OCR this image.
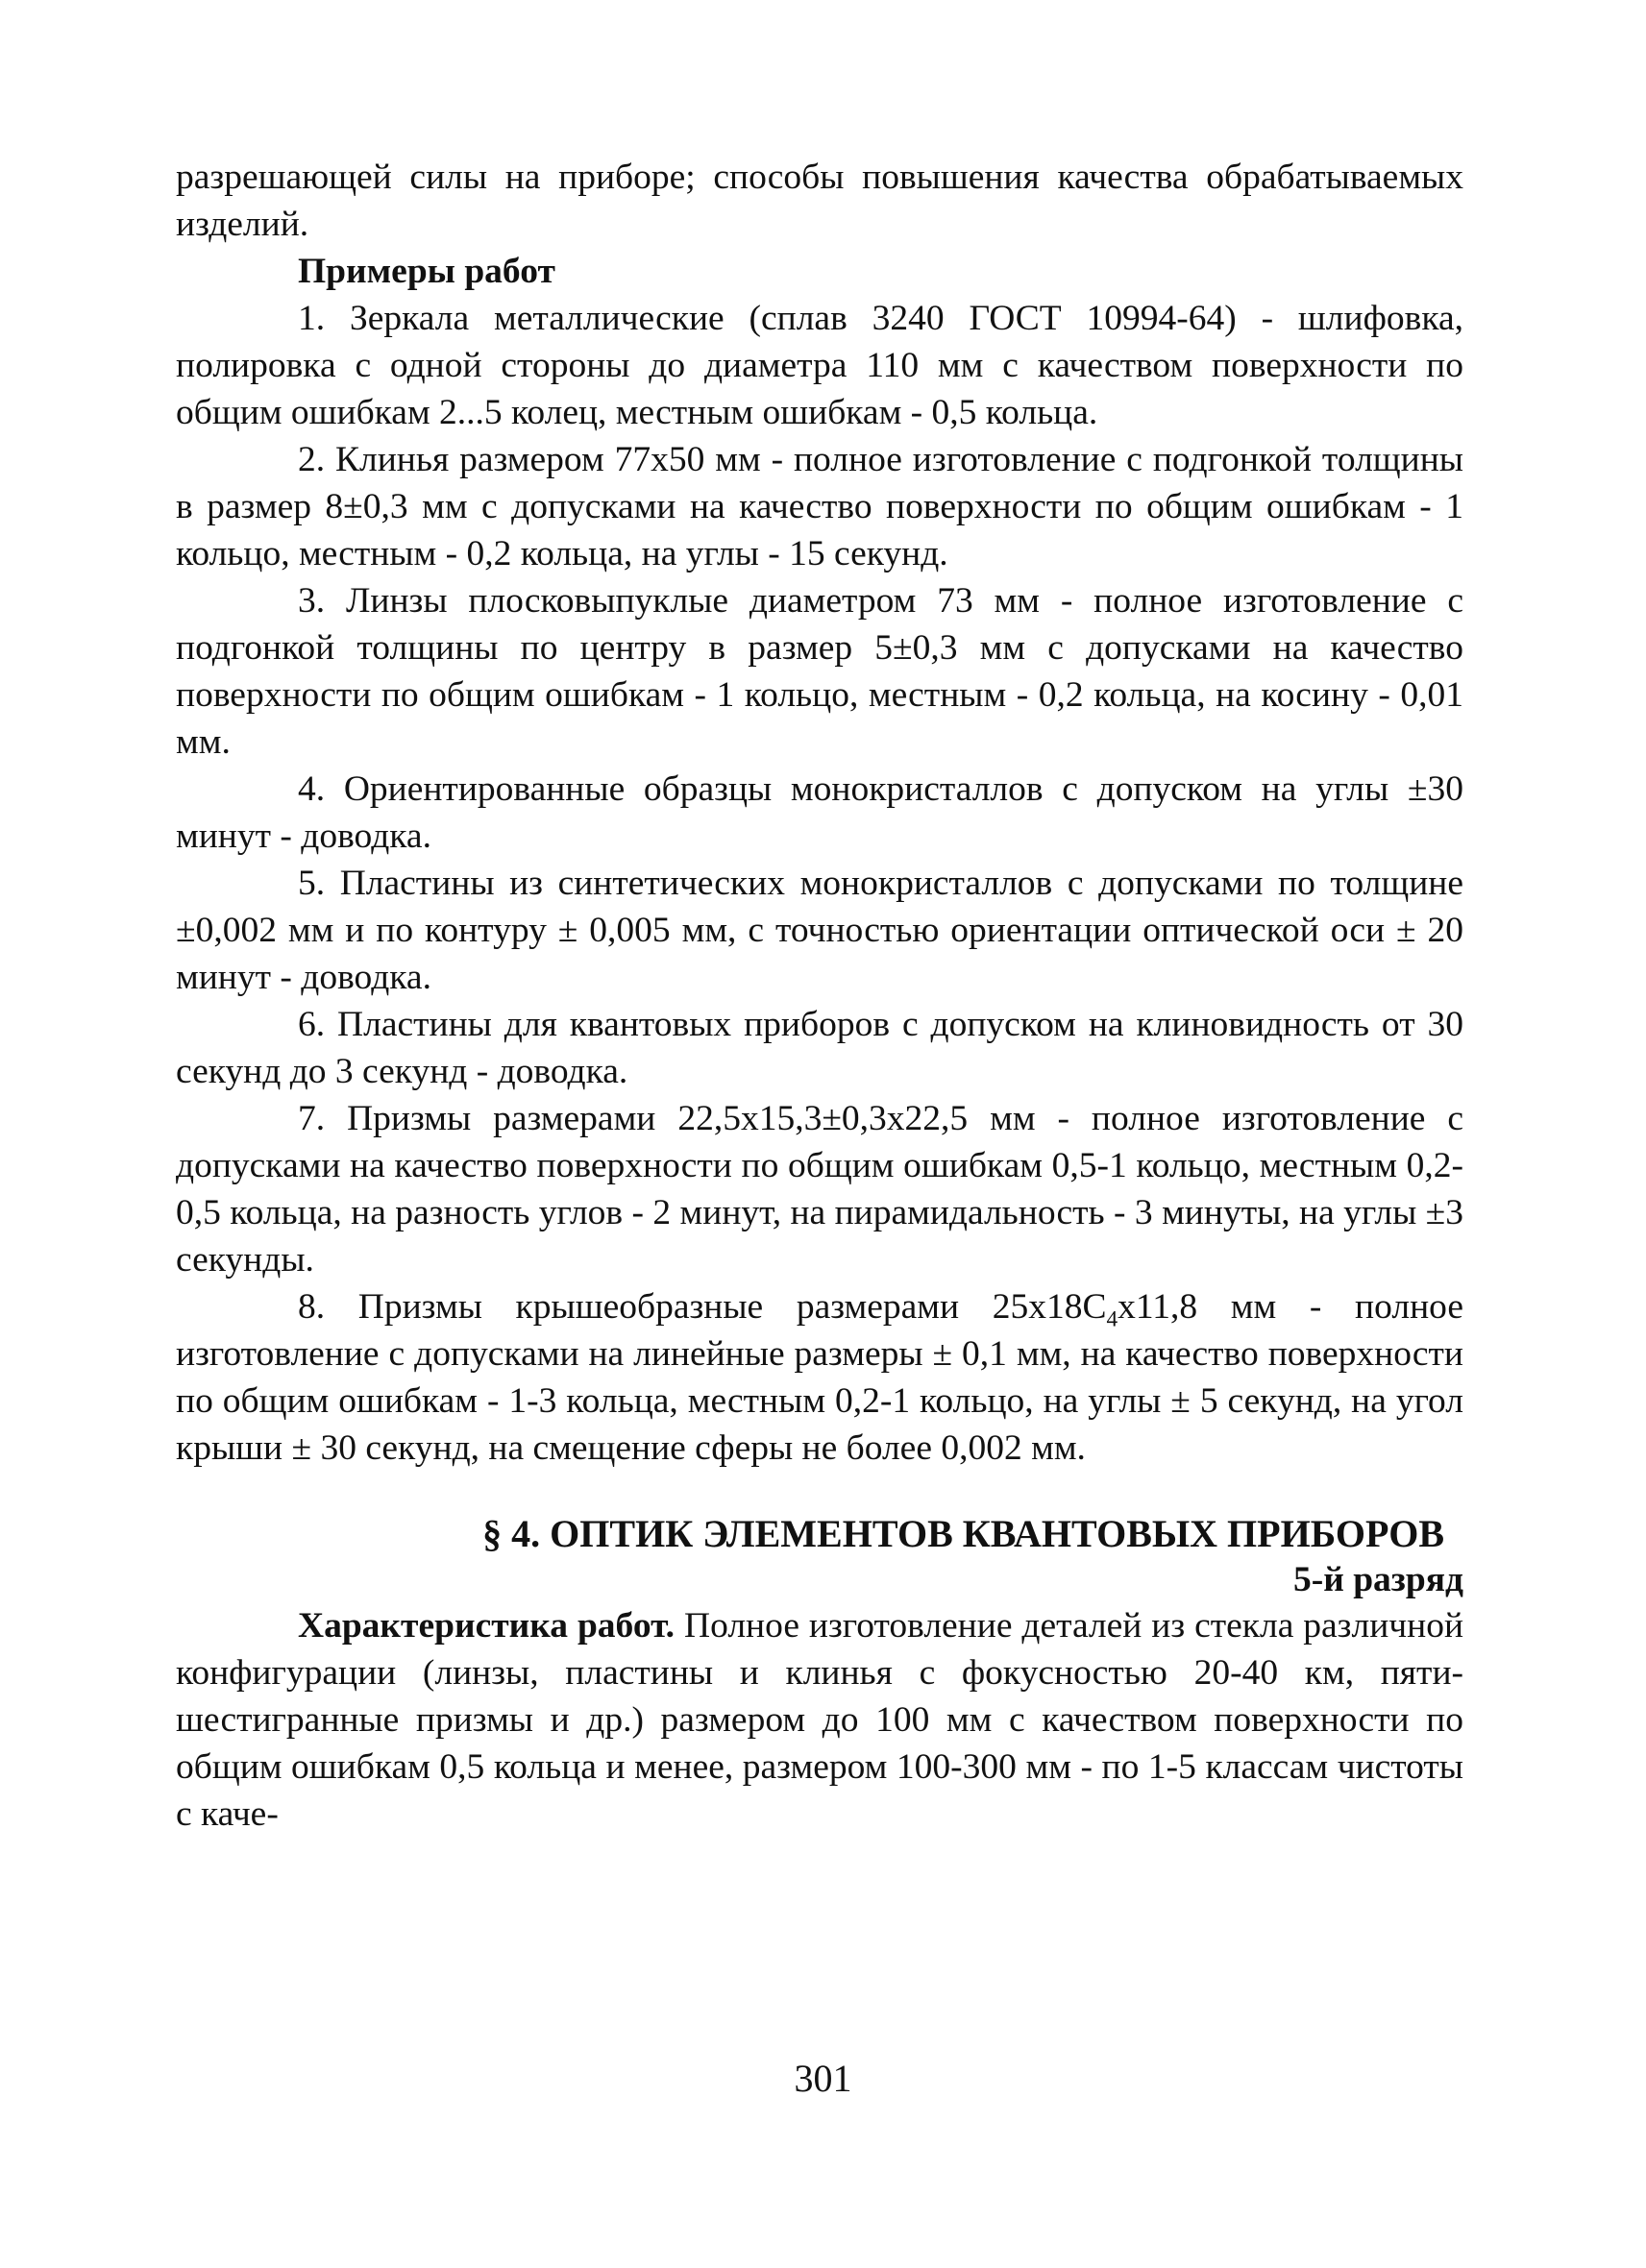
разрешающей силы на приборе; способы повышения качества обрабатываемых изделий.

Примеры работ

1. Зеркала металлические (сплав 3240 ГОСТ 10994-64) - шлифовка, полировка с одной стороны до диаметра 110 мм с качеством поверхности по общим ошибкам 2...5 колец, местным ошибкам - 0,5 кольца.

2. Клинья размером 77х50 мм - полное изготовление с подгонкой толщины в размер 8±0,3 мм с допусками на качество поверхности по общим ошибкам - 1 кольцо, местным - 0,2 кольца, на углы - 15 секунд.

3. Линзы плосковыпуклые диаметром 73 мм - полное изготовление с подгонкой толщины по центру в размер 5±0,3 мм с допусками на качество поверхности по общим ошибкам - 1 кольцо, местным - 0,2 кольца, на косину - 0,01 мм.

4. Ориентированные образцы монокристаллов с допуском на углы ±30 минут - доводка.

5. Пластины из синтетических монокристаллов с допусками по толщине ±0,002 мм и по контуру ± 0,005 мм, с точностью ориентации оптической оси ± 20 минут - доводка.

6. Пластины для квантовых приборов с допуском на клиновидность от 30 секунд до 3 секунд - доводка.

7. Призмы размерами 22,5х15,3±0,3х22,5 мм - полное изготовление с допусками на качество поверхности по общим ошибкам 0,5-1 кольцо, местным 0,2-0,5 кольца, на разность углов - 2 минут, на пирамидальность - 3 минуты, на углы ±3 секунды.

8. Призмы крышеобразные размерами $25х18С_4х11,8$ мм - полное изготовление с допусками на линейные размеры ± 0,1 мм, на качество поверхности по общим ошибкам - 1-3 кольца, местным 0,2-1 кольцо, на углы ± 5 секунд, на угол крыши ± 30 секунд, на смещение сферы не более 0,002 мм.

§ 4. ОПТИК ЭЛЕМЕНТОВ КВАНТОВЫХ ПРИБОРОВ

5-й разряд

Характеристика работ. Полное изготовление деталей из стекла различной конфигурации (линзы, пластины и клинья с фокусностью 20-40 км, пяти-шестигранные призмы и др.) размером до 100 мм с качеством поверхности по общим ошибкам 0,5 кольца и менее, размером 100-300 мм - по 1-5 классам чистоты с каче-

301
